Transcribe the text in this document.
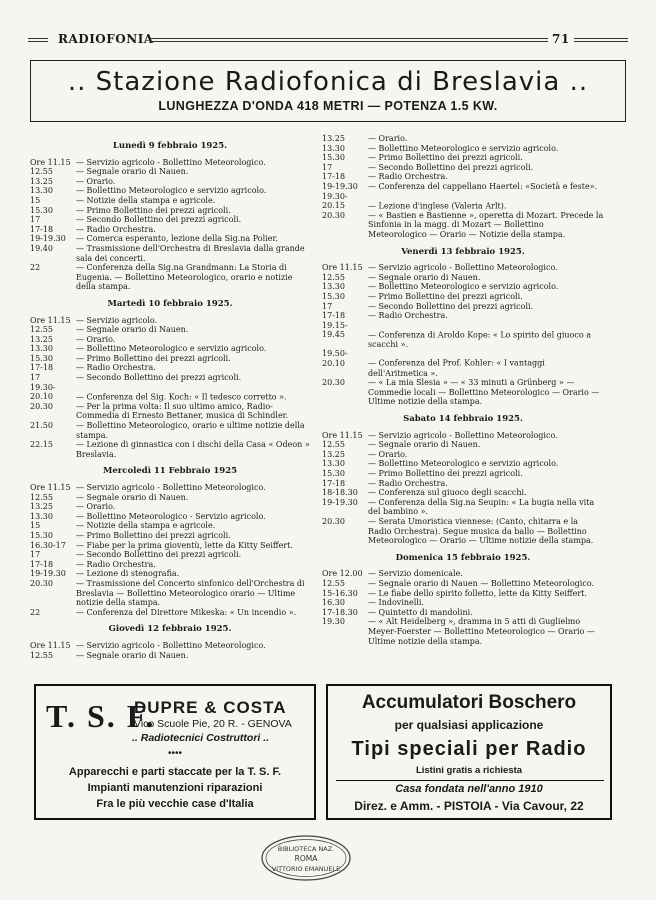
RADIOFONIA	71
.. Stazione Radiofonica di Breslavia ..
LUNGHEZZA D'ONDA 418 METRI — POTENZA 1.5 KW.
Lunedì 9 febbraio 1925.
Ore 11.15 — Servizio agricolo - Bollettino Meteorologico.
12.55	— Segnale orario di Nauen.
13.25	— Orario.
13.30	— Bollettino Meteorologico e servizio agricolo.
15	— Notizie della stampa e agricole.
15.30	— Primo Bollettino dei prezzi agricoli.
17	— Secondo Bollettino dei prezzi agricoli.
17-18	— Radio Orchestra.
19-19.30 — Comerca esperanto, lezione della Sig.na Polier.
19.40	— Trasmissione dell'Orchestra di Breslavia dalla grande sala dei concerti.
22	— Conferenza della Sig.na Grandmann: La Storia di Eugenia. — Bollettino Meteorologico, orario e notizie della stampa.
Martedì 10 febbraio 1925.
Ore 11.15 — Servizio agricolo.
12.55	— Segnale orario di Nauen.
13.25	— Orario.
13.30	— Bollettino Meteorologico e servizio agricolo.
15.30	— Primo Bollettino dei prezzi agricoli.
17-18	— Radio Orchestra.
17	— Secondo Bollettino dei prezzi agricoli.
19.30-20.10	— Conferenza del Sig. Koch: « Il tedesco corretto ».
20.30	— Per la prima volta: Il suo ultimo amico, Radio-Commedia di Ernesto Bettaner, musica di Schindler.
21.50	— Bollettino Meteorologico, orario e ultime notizie della stampa.
22.15	— Lezione di ginnastica con i dischi della Casa « Odeon » Breslavia.
Mercoledì 11 Febbraio 1925
Ore 11.15 — Servizio agricolo - Bollettino Meteorologico.
12.55	— Segnale orario di Nauen.
13.25	— Orario.
13.30	— Bollettino Meteorologico - Servizio agricolo.
15	— Notizie della stampa e agricole.
15.30	— Primo Bollettino dei prezzi agricoli.
16.30-17 — Fiabe per la prima gioventù, lette da Kitty Seiffert.
17	— Secondo Bollettino dei prezzi agricoli.
17-18	— Radio Orchestra.
19-19.30 — Lezione di stenografia.
20.30	— Trasmissione del Concerto sinfonico dell'Orchestra di Breslavia — Bollettino Meteorologico orario — Ultime notizie della stampa.
22	— Conferenza del Direttore Mikeska: « Un incendio ».
Giovedì 12 febbraio 1925.
Ore 11.15 — Servizio agricolo - Bollettino Meteorologico.
12.55	— Segnale orario di Nauen.
13.25	— Orario.
13.30	— Bollettino Meteorologico e servizio agricolo.
15.30	— Primo Bollettino dei prezzi agricoli.
17	— Secondo Bollettino dei prezzi agricoli.
17-18	— Radio Orchestra.
19-19.30 — Conferenza del cappellano Haertel: «Società e feste».
19.30-20.15	— Lezione d'inglese (Valeria Arlt).
20.30	— « Bastien e Bastienne », operetta di Mozart. Precede la Sinfonia in la magg. di Mozart — Bollettino Meteorologico — Orario — Notizie della stampa.
Venerdì 13 febbraio 1925.
Ore 11.15 — Servizio agricolo - Bollettino Meteorologico.
12.55	— Segnale orario di Nauen.
13.30	— Bollettino Meteorologico e servizio agricolo.
15.30	— Primo Bollettino dei prezzi agricoli.
17	— Secondo Bollettino dei prezzi agricoli.
17-18	— Radio Orchestra.
19.15-19.45	— Conferenza di Aroldo Kope: « Lo spirito del giuoco a scacchi ».
19.50-20.10	— Conferenza del Prof. Kohler: « I vantaggi dell'Aritmetica ».
20.30	— « La mia Slesia » — « 33 minuti a Grünberg » — Commedie locali — Bollettino Meteorologico — Orario — Ultime notizie della stampa.
Sabato 14 febbraio 1925.
Ore 11.15 — Servizio agricolo - Bollettino Meteorologico.
12.55	— Segnale orario di Nauen.
13.25	— Orario.
13.30	— Bollettino Meteorologico e servizio agricolo.
15.30	— Primo Bollettino dei prezzi agricoli.
17-18	— Radio Orchestra.
18-18.30 — Conferenza sul giuoco degli scacchi.
19-19.30 — Conferenza della Sig.na Seupin: « La bugia nella vita del bambino ».
20.30	— Serata Umoristica viennese: (Canto, chitarra e la Radio Orchestra). Segue musica da ballo — Bollettino Meteorologico — Orario — Ultime notizie della stampa.
Domenica 15 febbraio 1925.
Ore 12.00 — Servizio domenicale.
12.55	— Segnale orario di Nauen — Bollettino Meteorologico.
15-16.30 — Le fiabe dello spirito folletto, lette da Kitty Seiffert.
16.30	— Indovinelli.
17-18.30 — Quintetto di mandolini.
19.30	— « Alt Heidelberg », dramma in 5 atti di Guglielmo Meyer-Foerster — Bollettino Meteorologico — Orario — Ultime notizie della stampa.
T. S. F.
DUPRE & COSTA
Vico Scuole Pie, 20 R. - GENOVA
.. Radiotecnici Costruttori ..
••••
Apparecchi e parti staccate per la T. S. F.
Impianti manutenzioni riparazioni
Fra le più vecchie case d'Italia
Accumulatori Boschero
per qualsiasi applicazione
Tipi speciali per Radio
Listini gratis a richiesta
Casa fondata nell'anno 1910
Direz. e Amm. - PISTOIA - Via Cavour, 22
BIBLIOTECA NAZ.
ROMA
VITTORIO EMANUELE
